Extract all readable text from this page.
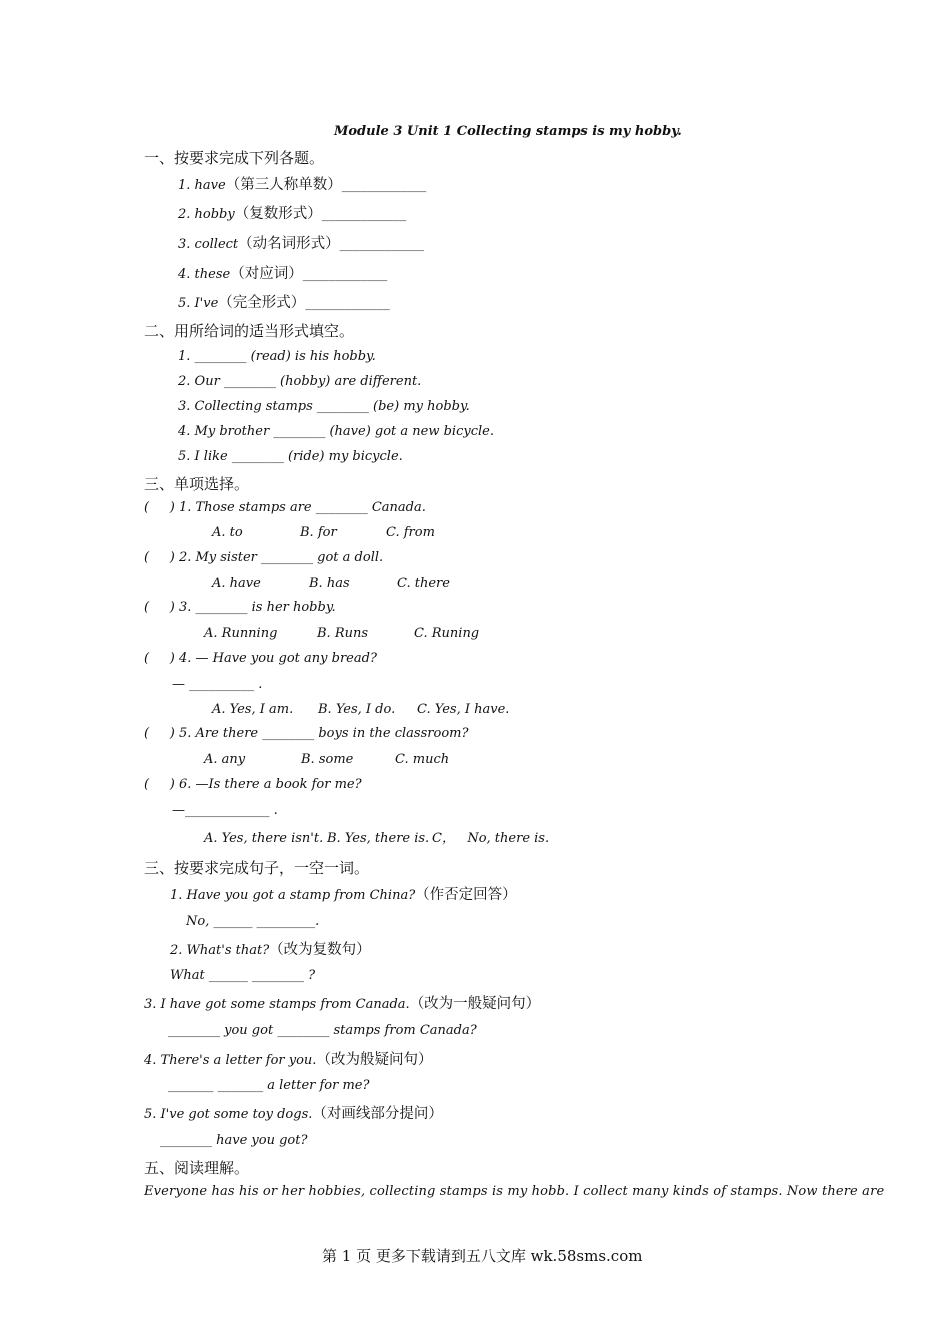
Module 3 Unit 1 Collecting stamps is my hobby.
一、按要求完成下列各题。
1. have（第三人称单数）_____________
2. hobby（复数形式）_____________
3. collect（动名词形式）_____________
4. these（对应词）_____________
5. I've（完全形式）_____________
二、用所给词的适当形式填空。
1. ________ (read) is his hobby.
2. Our ________ (hobby) are different.
3. Collecting stamps ________ (be) my hobby.
4. My brother ________ (have) got a new bicycle.
5. I like ________ (ride) my bicycle.
三、单项选择。
(     ) 1. Those stamps are ________ Canada.
A. to	B. for	C. from
(     ) 2. My sister ________ got a doll.
A. have	B. has	C. there
(     ) 3. ________ is her hobby.
A. Running	B. Runs	C. Runing
(     ) 4. — Have you got any bread?
— __________ .
A. Yes, I am. B. Yes, I do. C. Yes, I have.
(     ) 5. Are there ________ boys in the classroom?
A. any	B. some	C. much
(     ) 6. —Is there a book for me?
—_____________ .
A. Yes, there isn't. B. Yes, there is. C，   No, there is.
三、按要求完成句子，一空一词。
1. Have you got a stamp from China?（作否定回答）
No, ______ _________.
2. What's that?（改为复数句）
What ______ ________ ?
3. I have got some stamps from Canada.（改为一般疑问句）
________ you got ________ stamps from Canada?
4. There's a letter for you.（改为般疑问句）
_______ _______ a letter for me?
5. I've got some toy dogs.（对画线部分提问）
________ have you got?
五、阅读理解。
Everyone has his or her hobbies, collecting stamps is my hobb. I collect many kinds of stamps. Now there are
第 1 页 更多下载请到五八文库 wk.58sms.com
